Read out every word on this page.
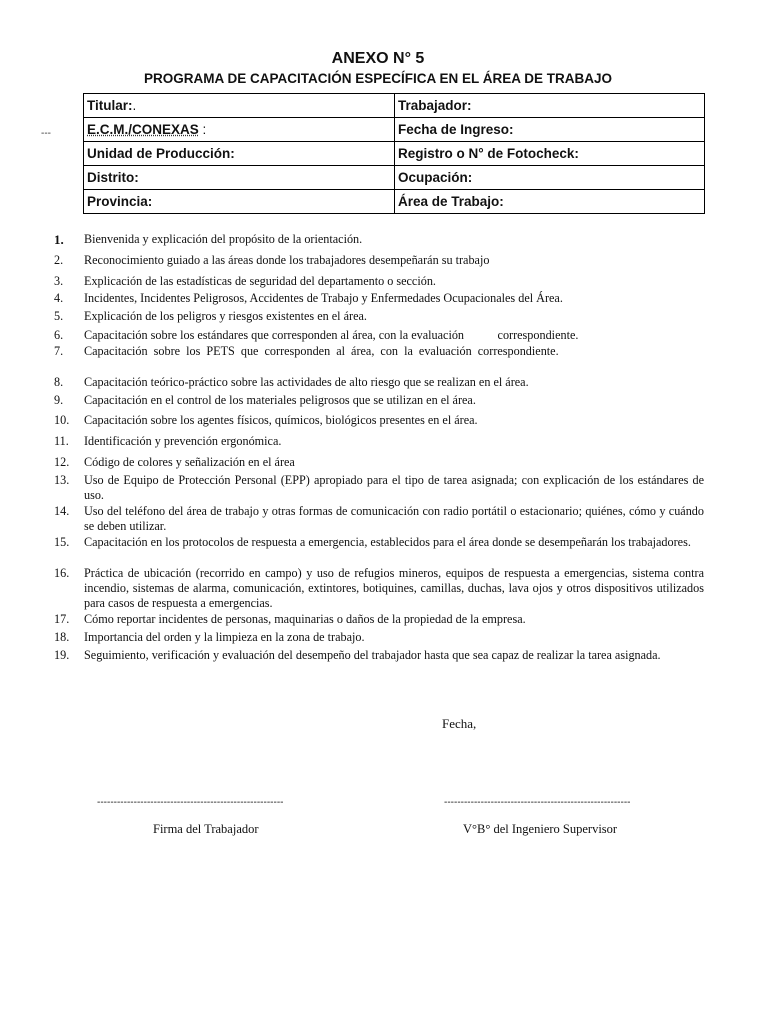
ANEXO N° 5
PROGRAMA DE CAPACITACIÓN ESPECÍFICA EN EL ÁREA DE TRABAJO
---
Titular:.	Trabajador:
E.C.M./CONEXAS :	Fecha de Ingreso:
Unidad de Producción:	Registro o N° de Fotocheck:
Distrito:	Ocupación:
Provincia:	Área de Trabajo:
1.	Bienvenida y explicación del propósito de la orientación.
2.	Reconocimiento guiado a las áreas donde los trabajadores desempeñarán su trabajo
3.	Explicación de las estadísticas de seguridad del departamento o sección.
4.	Incidentes, Incidentes Peligrosos, Accidentes de Trabajo y Enfermedades Ocupacionales del Área.
5.	Explicación de los peligros y riesgos existentes en el área.
6.	Capacitación sobre los estándares que corresponden al área, con la evaluación           correspondiente.
7.	Capacitación sobre los PETS que corresponden al área, con la evaluación correspondiente.
8.	Capacitación teórico-práctico sobre las actividades de alto riesgo que se realizan en el área.
9.	Capacitación en el control de los materiales peligrosos que se utilizan en el área.
10.	Capacitación sobre los agentes físicos, químicos, biológicos presentes en el área.
11.	Identificación y prevención ergonómica.
12.	Código de colores y señalización en el área
13.	Uso de Equipo de Protección Personal (EPP) apropiado para el tipo de tarea asignada; con explicación de los estándares de uso.
14.	Uso del teléfono del área de trabajo y otras formas de comunicación con radio portátil o estacionario; quiénes, cómo y cuándo se deben utilizar.
15.	Capacitación en los protocolos de respuesta a emergencia, establecidos para el área donde se desempeñarán los trabajadores.
16.	Práctica de ubicación (recorrido en campo) y uso de refugios mineros, equipos de respuesta a emergencias, sistema contra incendio, sistemas de alarma, comunicación, extintores, botiquines, camillas, duchas, lava ojos y otros dispositivos utilizados para casos de respuesta a emergencias.
17.	Cómo reportar incidentes de personas, maquinarias o daños de la propiedad de la empresa.
18.	Importancia del orden y la limpieza en la zona de trabajo.
19.	Seguimiento, verificación y evaluación del desempeño del trabajador hasta que sea capaz de realizar la tarea asignada.
Fecha,
--------------------------------------------------------	--------------------------------------------------------
Firma del Trabajador	V°B° del Ingeniero Supervisor
